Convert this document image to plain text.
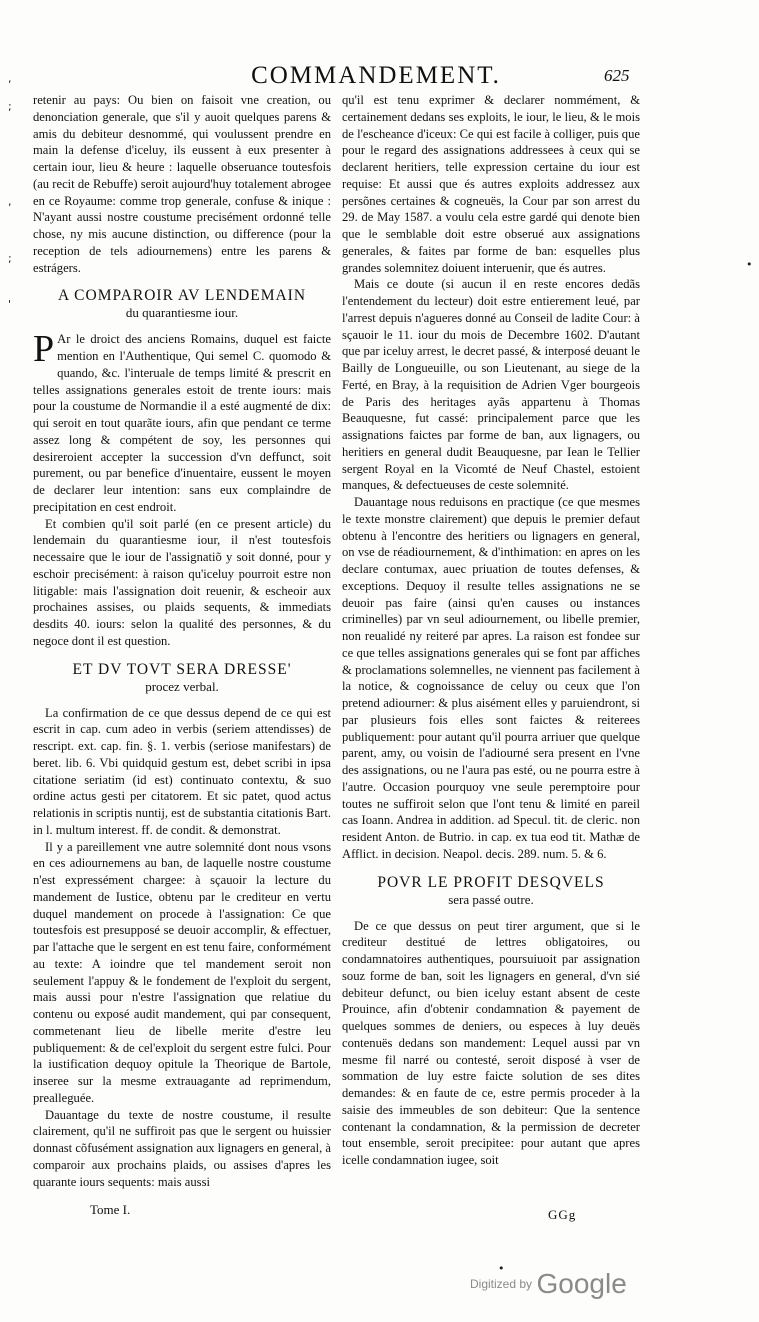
COMMANDEMENT.	625
,
;
,
;
'
•
•

retenir au pays: Ou bien on faisoit vne creation, ou denonciation generale, que s'il y auoit quelques parens & amis du debiteur desnommé, qui voulussent prendre en main la defense d'iceluy, ils eussent à eux presenter à certain iour, lieu & heure : laquelle obseruance toutesfois (au recit de Rebuffe) seroit aujourd'huy totalement abrogee en ce Royaume: comme trop generale, confuse & inique : N'ayant aussi nostre coustume precisément ordonné telle chose, ny mis aucune distinction, ou difference (pour la reception de tels adiournemens) entre les parens & estrágers.

A COMPAROIR AV LENDEMAIN
du quarantiesme iour.

P Ar le droict des anciens Romains, duquel est faicte mention en l'Authentique, Qui semel C. quomodo & quando, &c. l'interuale de temps limité & prescrit en telles assignations generales estoit de trente iours: mais pour la coustume de Normandie il a esté augmenté de dix: qui seroit en tout quarãte iours, afin que pendant ce terme assez long & compétent de soy, les personnes qui desireroient accepter la succession d'vn deffunct, soit purement, ou par benefice d'inuentaire, eussent le moyen de declarer leur intention: sans eux complaindre de precipitation en cest endroit.

Et combien qu'il soit parlé (en ce present article) du lendemain du quarantiesme iour, il n'est toutesfois necessaire que le iour de l'assignatiõ y soit donné, pour y eschoir precisément: à raison qu'iceluy pourroit estre non litigable: mais l'assignation doit reuenir, & escheoir aux prochaines assises, ou plaids sequents, & immediats desdits 40. iours: selon la qualité des personnes, & du negoce dont il est question.

ET DV TOVT SERA DRESSE'
procez verbal.

La confirmation de ce que dessus depend de ce qui est escrit in cap. cum adeo in verbis (seriem attendisses) de rescript. ext. cap. fin. §. 1. verbis (seriose manifestars) de beret. lib. 6. Vbi quidquid gestum est, debet scribi in ipsa citatione seriatim (id est) continuato contextu, & suo ordine actus gesti per citatorem. Et sic patet, quod actus relationis in scriptis nuntij, est de substantia citationis Bart. in l. multum interest. ff. de condit. & demonstrat.

Il y a pareillement vne autre solemnité dont nous vsons en ces adiournemens au ban, de laquelle nostre coustume n'est expressément chargee: à sçauoir la lecture du mandement de Iustice, obtenu par le crediteur en vertu duquel mandement on procede à l'assignation: Ce que toutesfois est presupposé se deuoir accomplir, & effectuer, par l'attache que le sergent en est tenu faire, conformément au texte: A ioindre que tel mandement seroit non seulement l'appuy & le fondement de l'exploit du sergent, mais aussi pour n'estre l'assignation que relatiue du contenu ou exposé audit mandement, qui par consequent, commetenant lieu de libelle merite d'estre leu publiquement: & de cel'exploit du sergent estre fulci. Pour la iustification dequoy opitule la Theorique de Bartole, inseree sur la mesme extrauagante ad reprimendum, prealleguée.

Dauantage du texte de nostre coustume, il resulte clairement, qu'il ne suffiroit pas que le sergent ou huissier donnast cõfusément assignation aux lignagers en general, à comparoir aux prochains plaids, ou assises d'apres les quarante iours sequents: mais aussi

qu'il est tenu exprimer & declarer nommément, & certainement dedans ses exploits, le iour, le lieu, & le mois de l'escheance d'iceux: Ce qui est facile à colliger, puis que pour le regard des assignations addressees à ceux qui se declarent heritiers, telle expression certaine du iour est requise: Et aussi que és autres exploits addressez aux persõnes certaines & cogneuës, la Cour par son arrest du 29. de May 1587. a voulu cela estre gardé qui denote bien que le semblable doit estre obserué aux assignations generales, & faites par forme de ban: esquelles plus grandes solemnitez doiuent interuenir, que és autres.

Mais ce doute (si aucun il en reste encores dedãs l'entendement du lecteur) doit estre entierement leué, par l'arrest depuis n'agueres donné au Conseil de ladite Cour: à sçauoir le 11. iour du mois de Decembre 1602. D'autant que par iceluy arrest, le decret passé, & interposé deuant le Bailly de Longueuille, ou son Lieutenant, au siege de la Ferté, en Bray, à la requisition de Adrien Vger bourgeois de Paris des heritages ayãs appartenu à Thomas Beauquesne, fut cassé: principalement parce que les assignations faictes par forme de ban, aux lignagers, ou heritiers en general dudit Beauquesne, par Iean le Tellier sergent Royal en la Vicomté de Neuf Chastel, estoient manques, & defectueuses de ceste solemnité.

Dauantage nous reduisons en practique (ce que mesmes le texte monstre clairement) que depuis le premier defaut obtenu à l'encontre des heritiers ou lignagers en general, on vse de réadiournement, & d'inthimation: en apres on les declare contumax, auec priuation de toutes defenses, & exceptions. Dequoy il resulte telles assignations ne se deuoir pas faire (ainsi qu'en causes ou instances criminelles) par vn seul adiournement, ou libelle premier, non reualidé ny reiteré par apres. La raison est fondee sur ce que telles assignations generales qui se font par affiches & proclamations solemnelles, ne viennent pas facilement à la notice, & cognoissance de celuy ou ceux que l'on pretend adiourner: & plus aisément elles y paruiendront, si par plusieurs fois elles sont faictes & reiterees publiquement: pour autant qu'il pourra arriuer que quelque parent, amy, ou voisin de l'adiourné sera present en l'vne des assignations, ou ne l'aura pas esté, ou ne pourra estre à l'autre. Occasion pourquoy vne seule peremptoire pour toutes ne suffiroit selon que l'ont tenu & limité en pareil cas Ioann. Andrea in addition. ad Specul. tit. de cleric. non resident Anton. de Butrio. in cap. ex tua eod tit. Mathæ de Afflict. in decision. Neapol. decis. 289. num. 5. & 6.

POVR LE PROFIT DESQVELS
sera passé outre.

De ce que dessus on peut tirer argument, que si le crediteur destitué de lettres obligatoires, ou condamnatoires authentiques, poursuiuoit par assignation souz forme de ban, soit les lignagers en general, d'vn sié debiteur defunct, ou bien iceluy estant absent de ceste Prouince, afin d'obtenir condamnation & payement de quelques sommes de deniers, ou especes à luy deuës contenuës dedans son mandement: Lequel aussi par vn mesme fil narré ou contesté, seroit disposé à vser de sommation de luy estre faicte solution de ses dites demandes: & en faute de ce, estre permis proceder à la saisie des immeubles de son debiteur: Que la sentence contenant la condamnation, & la permission de decreter tout ensemble, seroit precipitee: pour autant que apres icelle condamnation iugee, soit

Tome I.	GGg
Digitized by Google
